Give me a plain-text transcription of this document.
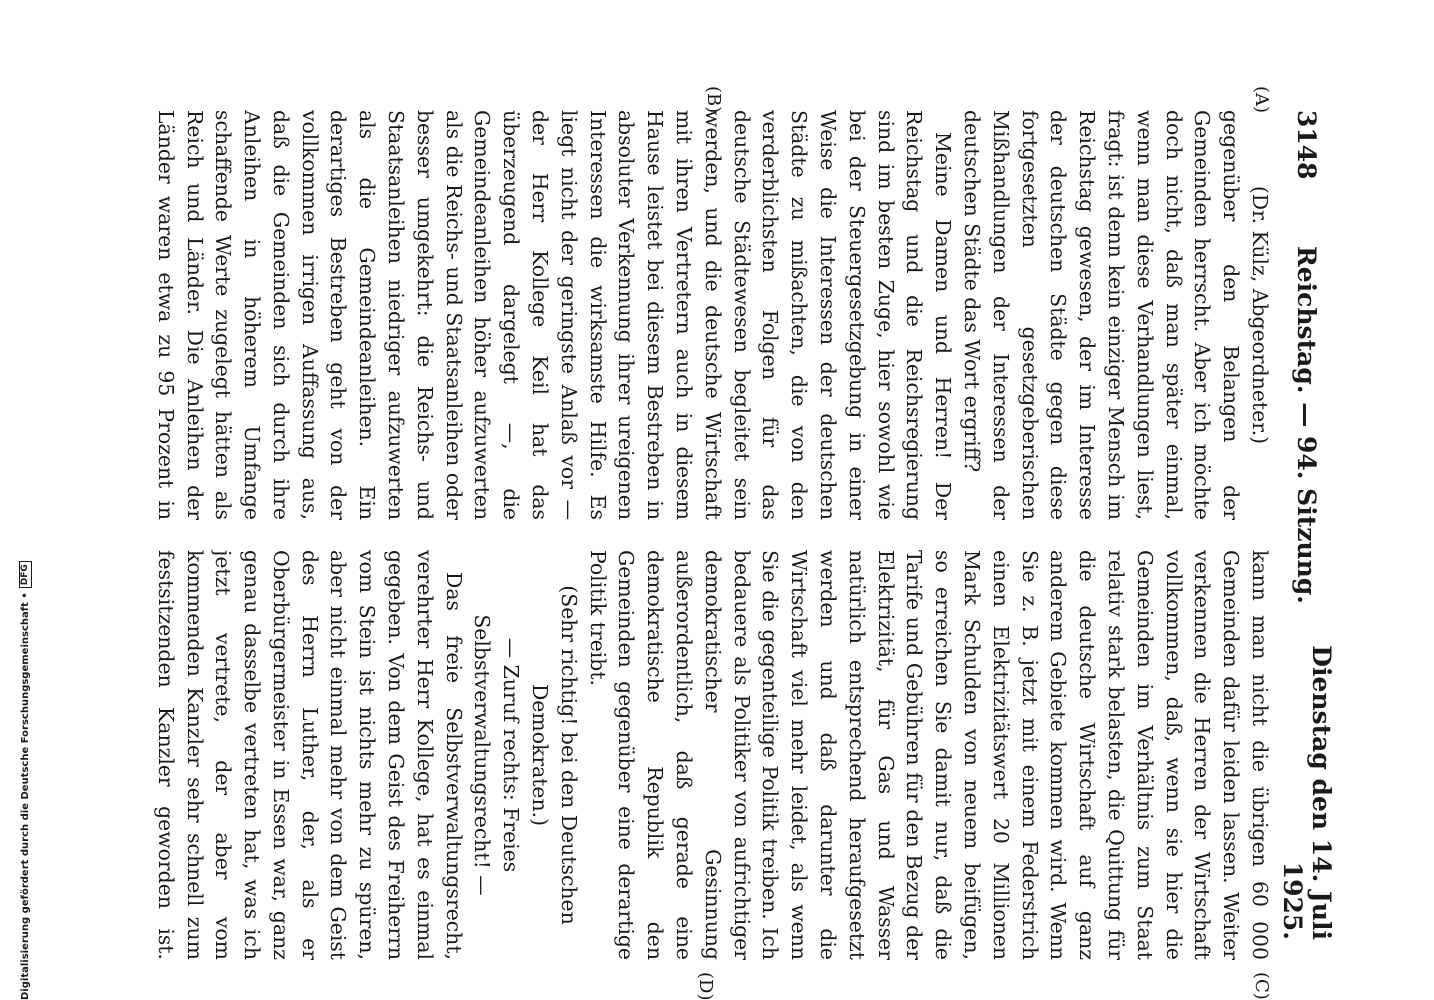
3148
Reichstag. — 94. Sitzung.
Dienstag den 14. Juli 1925.
(A)
(B)
(C)
(D)

(Dr. Külz, Abgeordneter.)

gegenüber den Belangen der Gemeinden herrscht. Aber ich möchte doch nicht, daß man später einmal, wenn man diese Verhandlungen liest, fragt: ist denn kein einziger Mensch im Reichstag gewesen, der im Interesse der deutschen Städte gegen diese fortgesetzten gesetzgeberischen Mißhandlungen der Interessen der deutschen Städte das Wort ergriff?

Meine Damen und Herren! Der Reichstag und die Reichsregierung sind im besten Zuge, hier sowohl wie bei der Steuergesetzgebung in einer Weise die Interessen der deutschen Städte zu mißachten, die von den verderblichsten Folgen für das deutsche Städtewesen begleitet sein werden, und die deutsche Wirtschaft mit ihren Vertretern auch in diesem Hause leistet bei diesem Bestreben in absoluter Verkennung ihrer ureigenen Interessen die wirksamste Hilfe. Es liegt nicht der geringste Anlaß vor — der Herr Kollege Keil hat das überzeugend dargelegt —, die Gemeindeanleihen höher aufzuwerten als die Reichs- und Staatsanleihen oder besser umgekehrt: die Reichs- und Staatsanleihen niedriger aufzuwerten als die Gemeindeanleihen. Ein derartiges Bestreben geht von der vollkommen irrigen Auffassung aus, daß die Gemeinden sich durch ihre Anleihen in höherem Umfange schaffende Werte zugelegt hätten als Reich und Länder. Die Anleihen der Länder waren etwa zu 95 Prozent in

kann man nicht die übrigen 60 000 Gemeinden dafür leiden lassen. Weiter verkennen die Herren der Wirtschaft vollkommen, daß, wenn sie hier die Gemeinden im Verhältnis zum Staat relativ stark belasten, die Quittung für die deutsche Wirtschaft auf ganz anderem Gebiete kommen wird. Wenn Sie z. B. jetzt mit einem Federstrich einen Elektrizitätswert 20 Millionen Mark Schulden von neuem beifügen, so erreichen Sie damit nur, daß die Tarife und Gebühren für den Bezug der Elektrizität, für Gas und Wasser natürlich entsprechend heraufgesetzt werden und daß darunter die Wirtschaft viel mehr leidet, als wenn Sie die gegenteilige Politik treiben. Ich bedauere als Politiker von aufrichtiger demokratischer Gesinnung außerordentlich, daß gerade eine demokratische Republik den Gemeinden gegenüber eine derartige Politik treibt.

(Sehr richtig! bei den Deutschen Demokraten.)

— Zuruf rechts: Freies Selbstverwaltungsrecht! —

Das freie Selbstverwaltungsrecht, verehrter Herr Kollege, hat es einmal gegeben. Von dem Geist des Freiherrn vom Stein ist nichts mehr zu spüren, aber nicht einmal mehr von dem Geist des Herrn Luther, der, als er Oberbürgermeister in Essen war, ganz genau dasselbe vertreten hat, was ich jetzt vertrete, der aber vom kommenden Kanzler sehr schnell zum festsitzenden Kanzler geworden ist.

Digitalisierung gefördert durch die Deutsche Forschungsgemeinschaft •
DFG
